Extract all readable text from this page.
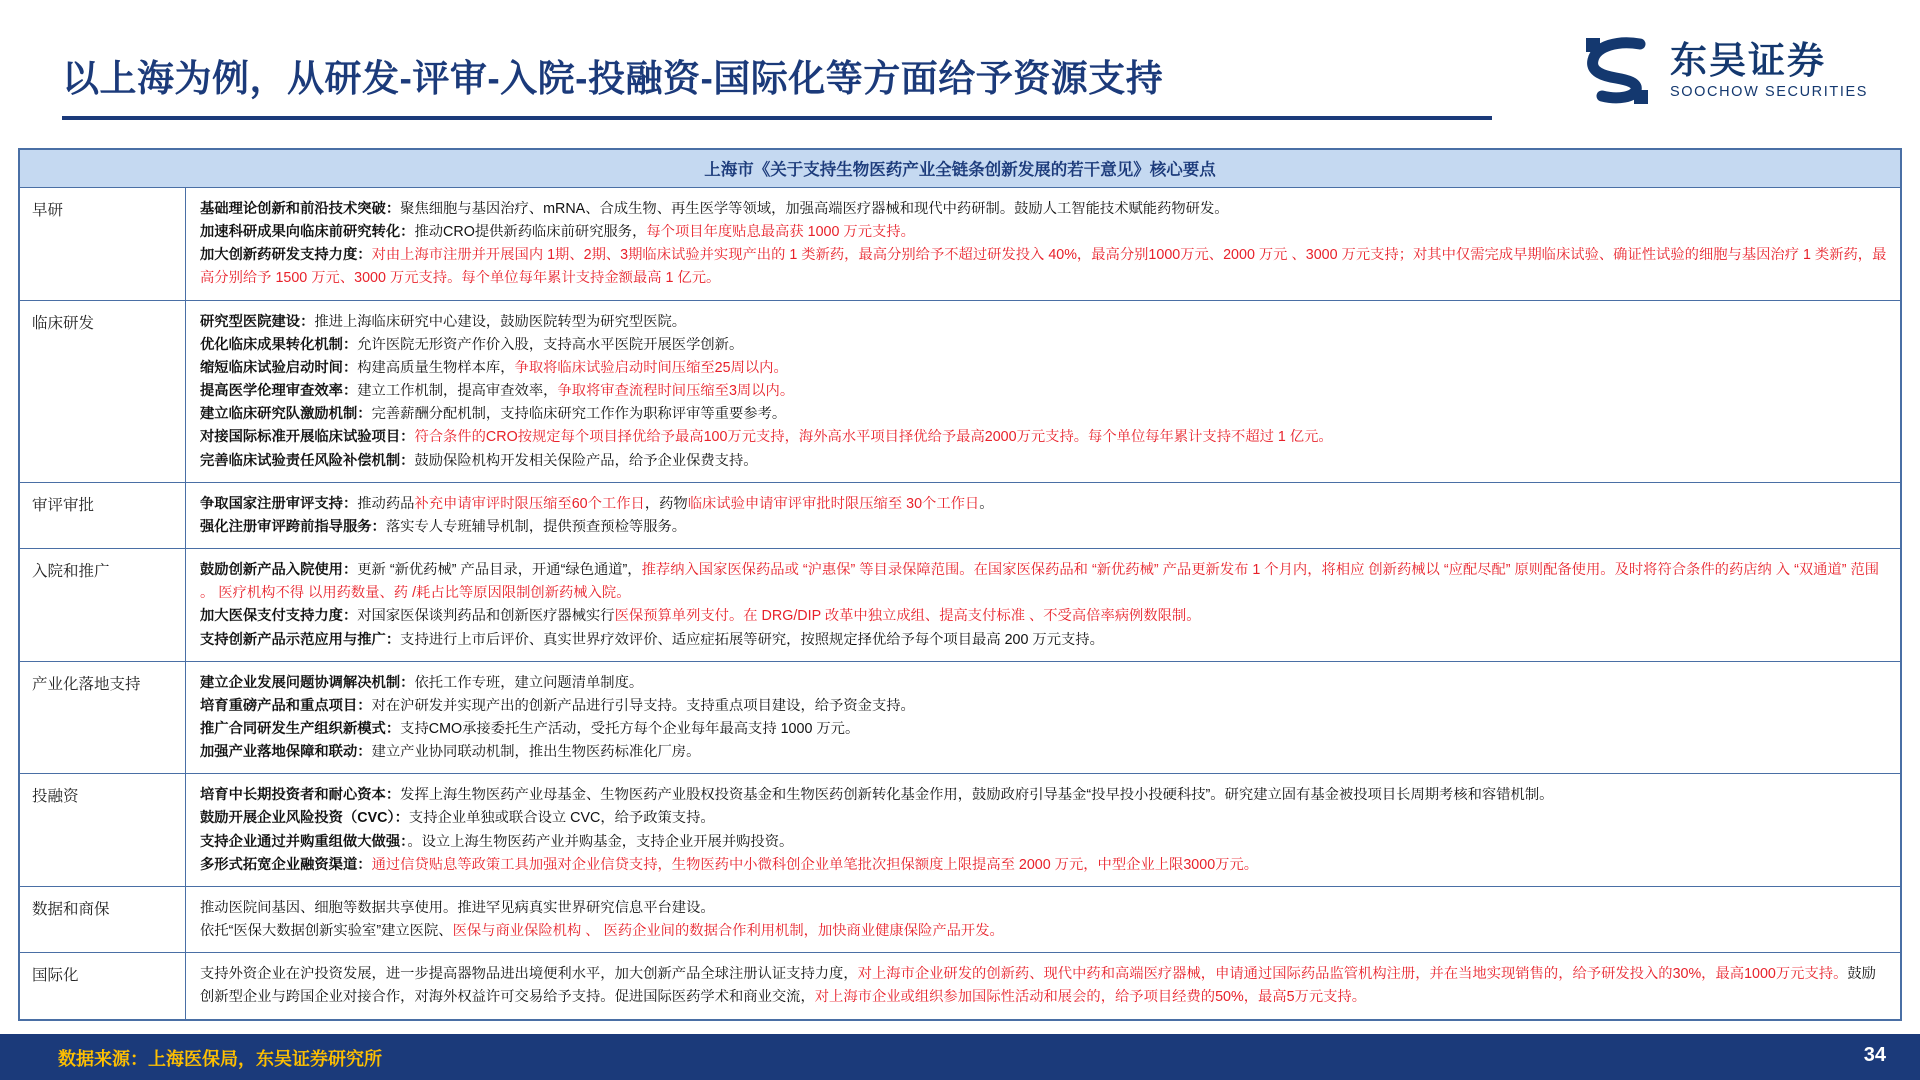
以上海为例，从研发-评审-入院-投融资-国际化等方面给予资源支持	东吴证券
SOOCHOW SECURITIES
上海市《关于支持生物医药产业全链条创新发展的若干意见》核心要点	
早研	基础理论创新和前沿技术突破：聚焦细胞与基因治疗、mRNA、合成生物、再生医学等领域，加强高端医疗器械和现代中药研制。鼓励人工智能技术赋能药物研发。

加速科研成果向临床前研究转化：推动CRO提供新药临床前研究服务，每个项目年度贴息最高获 1000 万元支持。

加大创新药研发支持力度：对由上海市注册并开展国内 1期、2期、3期临床试验并实现产出的 1 类新药，最高分别给予不超过研发投入 40%，最高分别1000万元、2000 万元 、3000 万元支持；对其中仅需完成早期临床试验、确证性试验的细胞与基因治疗 1 类新药，最高分别给予 1500 万元、3000 万元支持。每个单位每年累计支持金额最高 1 亿元。

临床研发	研究型医院建设：推进上海临床研究中心建设，鼓励医院转型为研究型医院。

优化临床成果转化机制：允许医院无形资产作价入股，支持高水平医院开展医学创新。

缩短临床试验启动时间：构建高质量生物样本库，争取将临床试验启动时间压缩至25周以内。

提高医学伦理审查效率：建立工作机制，提高审查效率，争取将审查流程时间压缩至3周以内。

建立临床研究队激励机制：完善薪酬分配机制，支持临床研究工作作为职称评审等重要参考。

对接国际标准开展临床试验项目：符合条件的CRO按规定每个项目择优给予最高100万元支持，海外高水平项目择优给予最高2000万元支持。每个单位每年累计支持不超过 1 亿元。

完善临床试验责任风险补偿机制：鼓励保险机构开发相关保险产品，给予企业保费支持。

审评审批	争取国家注册审评支持：推动药品补充申请审评时限压缩至60个工作日，药物临床试验申请审评审批时限压缩至 30个工作日。

强化注册审评跨前指导服务：落实专人专班辅导机制，提供预查预检等服务。

入院和推广	鼓励创新产品入院使用：更新 “新优药械” 产品目录，开通“绿色通道”，推荐纳入国家医保药品或 “沪惠保” 等目录保障范围。在国家医保药品和 “新优药械” 产品更新发布 1 个月内，将相应 创新药械以 “应配尽配” 原则配备使用。及时将符合条件的药店纳 入 “双通道” 范围 。 医疗机构不得 以用药数量、药 /耗占比等原因限制创新药械入院。

加大医保支付支持力度：对国家医保谈判药品和创新医疗器械实行医保预算单列支付。在 DRG/DIP 改革中独立成组、提高支付标准 、不受高倍率病例数限制。

支持创新产品示范应用与推广：支持进行上市后评价、真实世界疗效评价、适应症拓展等研究，按照规定择优给予每个项目最高 200 万元支持。

产业化落地支持	建立企业发展问题协调解决机制：依托工作专班，建立问题清单制度。

培育重磅产品和重点项目：对在沪研发并实现产出的创新产品进行引导支持。支持重点项目建设，给予资金支持。

推广合同研发生产组织新模式：支持CMO承接委托生产活动，受托方每个企业每年最高支持 1000 万元。

加强产业落地保障和联动：建立产业协同联动机制，推出生物医药标准化厂房。

投融资	培育中长期投资者和耐心资本：发挥上海生物医药产业母基金、生物医药产业股权投资基金和生物医药创新转化基金作用，鼓励政府引导基金“投早投小投硬科技”。研究建立固有基金被投项目长周期考核和容错机制。

鼓励开展企业风险投资（CVC）：支持企业单独或联合设立 CVC，给予政策支持。

支持企业通过并购重组做大做强：。设立上海生物医药产业并购基金，支持企业开展并购投资。

多形式拓宽企业融资渠道：通过信贷贴息等政策工具加强对企业信贷支持，生物医药中小微科创企业单笔批次担保额度上限提高至 2000 万元，中型企业上限3000万元。

数据和商保	推动医院间基因、细胞等数据共享使用。推进罕见病真实世界研究信息平台建设。

依托“医保大数据创新实验室”建立医院、医保与商业保险机构 、 医药企业间的数据合作利用机制，加快商业健康保险产品开发。

国际化	支持外资企业在沪投资发展，进一步提高器物品进出境便利水平，加大创新产品全球注册认证支持力度，对上海市企业研发的创新药、现代中药和高端医疗器械，申请通过国际药品监管机构注册，并在当地实现销售的，给予研发投入的30%，最高1000万元支持。鼓励创新型企业与跨国企业对接合作，对海外权益许可交易给予支持。促进国际医药学术和商业交流，对上海市企业或组织参加国际性活动和展会的，给予项目经费的50%，最高5万元支持。

数据来源：上海医保局，东吴证券研究所	34
